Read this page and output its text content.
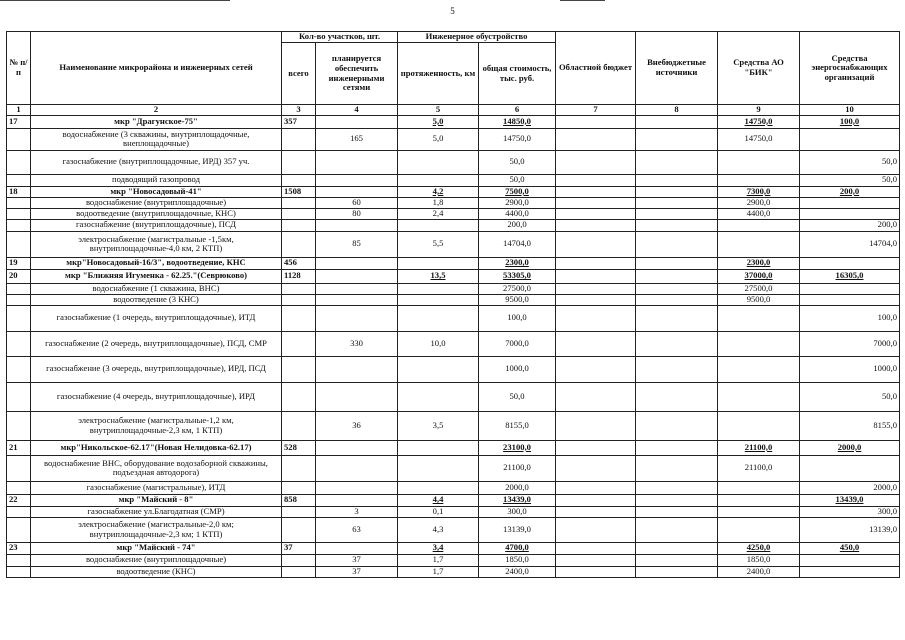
5
№ п/п	Наименование микрорайона и инженерных сетей	Кол-во участков, шт.		Инженерное обустройство		Областной бюджет	Внебюджетные источники	Средства АО "БИК"	Средства энергоснабжающих организаций
		всего	планируется обеспечить инженерными сетями	протяженность, км	общая стоимость, тыс. руб.				
1	2	3	4	5	6	7	8	9	10
17	мкр "Драгунское-75"	357		5,0	14850,0			14750,0	100,0
	водоснабжение (3 скважины, внутриплощадочные, внеплощадочные)		165	5,0	14750,0			14750,0	
	газоснабжение (внутриплощадочные, ИРД) 357 уч.				50,0				50,0
	подводящий газопровод				50,0				50,0
18	мкр "Новосадовый-41"	1508		4,2	7500,0			7300,0	200,0
	водоснабжение (внутриплощадочные)		60	1,8	2900,0			2900,0	
	водоотведение (внутриплощадочные, КНС)		80	2,4	4400,0			4400,0	
	газоснабжение (внутриплощадочные), ПСД				200,0				200,0
	электроснабжение (магистральные -1,5км, внутриплощадочные-4,0 км, 2 КТП)		85	5,5	14704,0				14704,0
19	мкр"Новосадовый-16/3", водоотведение, КНС	456			2300,0			2300,0	
20	мкр "Ближняя Игуменка - 62.25."(Севрюково)	1128		13,5	53305,0			37000,0	16305,0
	водоснабжение (1 скважина, ВНС)				27500,0			27500,0	
	водоотведение (3 КНС)				9500,0			9500,0	
	газоснабжение (1 очередь, внутриплощадочные), ИТД				100,0				100,0
	газоснабжение (2 очередь, внутриплощадочные), ПСД, СМР		330	10,0	7000,0				7000,0
	газоснабжение (3 очередь, внутриплощадочные), ИРД, ПСД				1000,0				1000,0
	газоснабжение (4 очередь, внутриплощадочные), ИРД				50,0				50,0
	электроснабжение (магистральные-1,2 км, внутриплощадочные-2,3 км, 1 КТП)		36	3,5	8155,0				8155,0
21	мкр"Никольское-62.17"(Новая Нелидовка-62.17)	528			23100,0			21100,0	2000,0
	водоснабжение ВНС, оборудование водозаборной скважины, подъездная автодорога)				21100,0			21100,0	
	газоснабжение (магистральные), ИТД				2000,0				2000,0
22	мкр "Майский - 8"	858		4,4	13439,0				13439,0
	газоснабжение ул.Благодатная (СМР)		3	0,1	300,0				300,0
	электроснабжение (магистральные-2,0 км; внутриплощадочные-2,3 км; 1 КТП)		63	4,3	13139,0				13139,0
23	мкр "Майский - 74"	37		3,4	4700,0			4250,0	450,0
	водоснабжение (внутриплощадочные)		37	1,7	1850,0			1850,0	
	водоотведение (КНС)		37	1,7	2400,0			2400,0	
